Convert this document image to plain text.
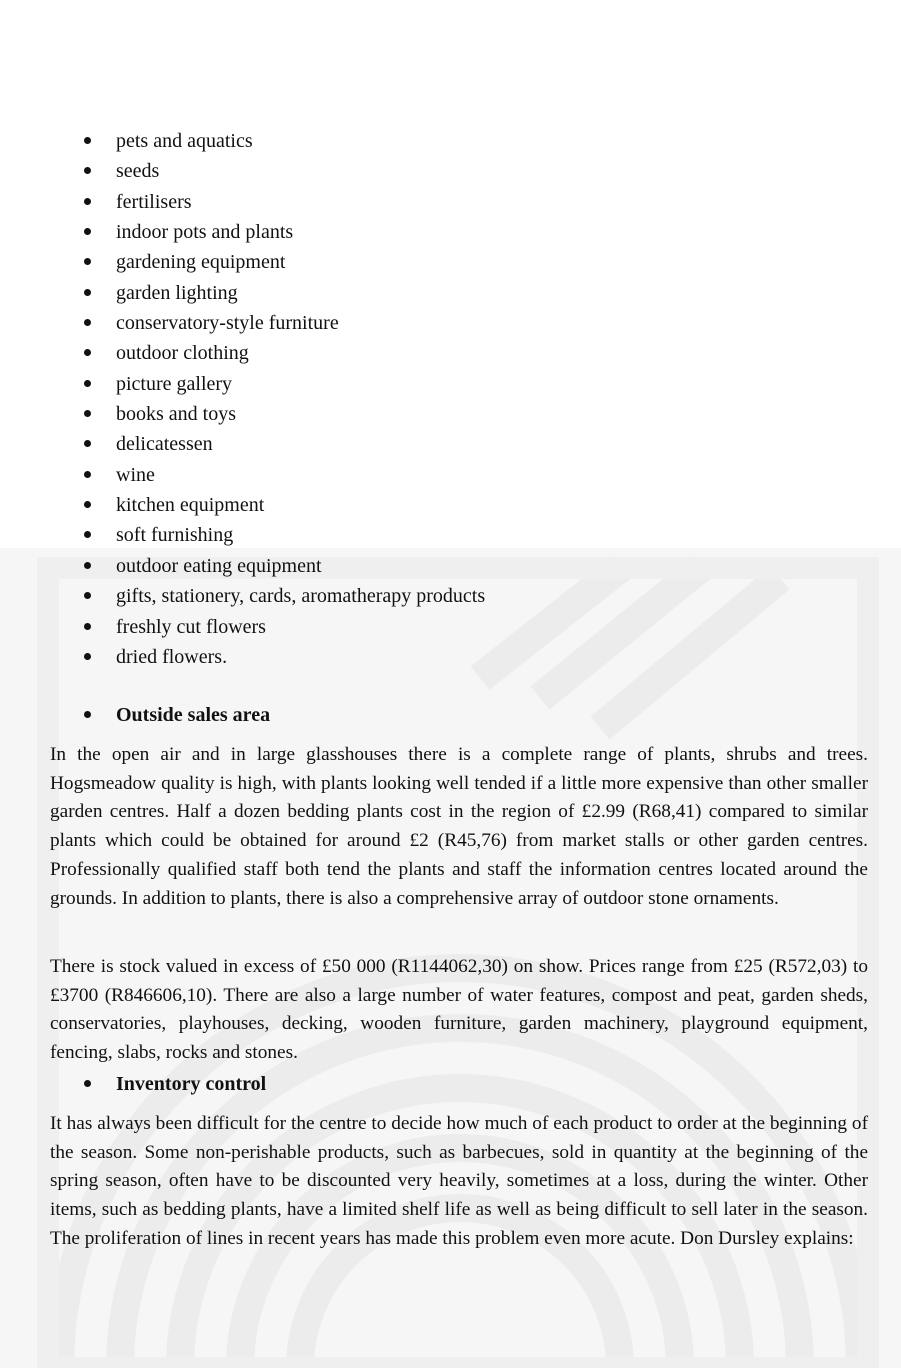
pets and aquatics
seeds
fertilisers
indoor pots and plants
gardening equipment
garden lighting
conservatory-style furniture
outdoor clothing
picture gallery
books and toys
delicatessen
wine
kitchen equipment
soft furnishing
outdoor eating equipment
gifts, stationery, cards, aromatherapy products
freshly cut flowers
dried flowers.
Outside sales area

In the open air and in large glasshouses there is a complete range of plants, shrubs and trees. Hogsmeadow quality is high, with plants looking well tended if a little more expensive than other smaller garden centres. Half a dozen bedding plants cost in the region of £2.99 (R68,41) compared to similar plants which could be obtained for around £2 (R45,76) from market stalls or other garden centres. Professionally qualified staff both tend the plants and staff the information centres located around the grounds. In addition to plants, there is also a comprehensive array of outdoor stone ornaments.

There is stock valued in excess of £50 000 (R1144062,30) on show. Prices range from £25 (R572,03) to £3700 (R846606,10). There are also a large number of water features, compost and peat, garden sheds, conservatories, playhouses, decking, wooden furniture, garden machinery, playground equipment, fencing, slabs, rocks and stones.

Inventory control

It has always been difficult for the centre to decide how much of each product to order at the beginning of the season. Some non-perishable products, such as barbecues, sold in quantity at the beginning of the spring season, often have to be discounted very heavily, sometimes at a loss, during the winter. Other items, such as bedding plants, have a limited shelf life as well as being difficult to sell later in the season. The proliferation of lines in recent years has made this problem even more acute. Don Dursley explains:
